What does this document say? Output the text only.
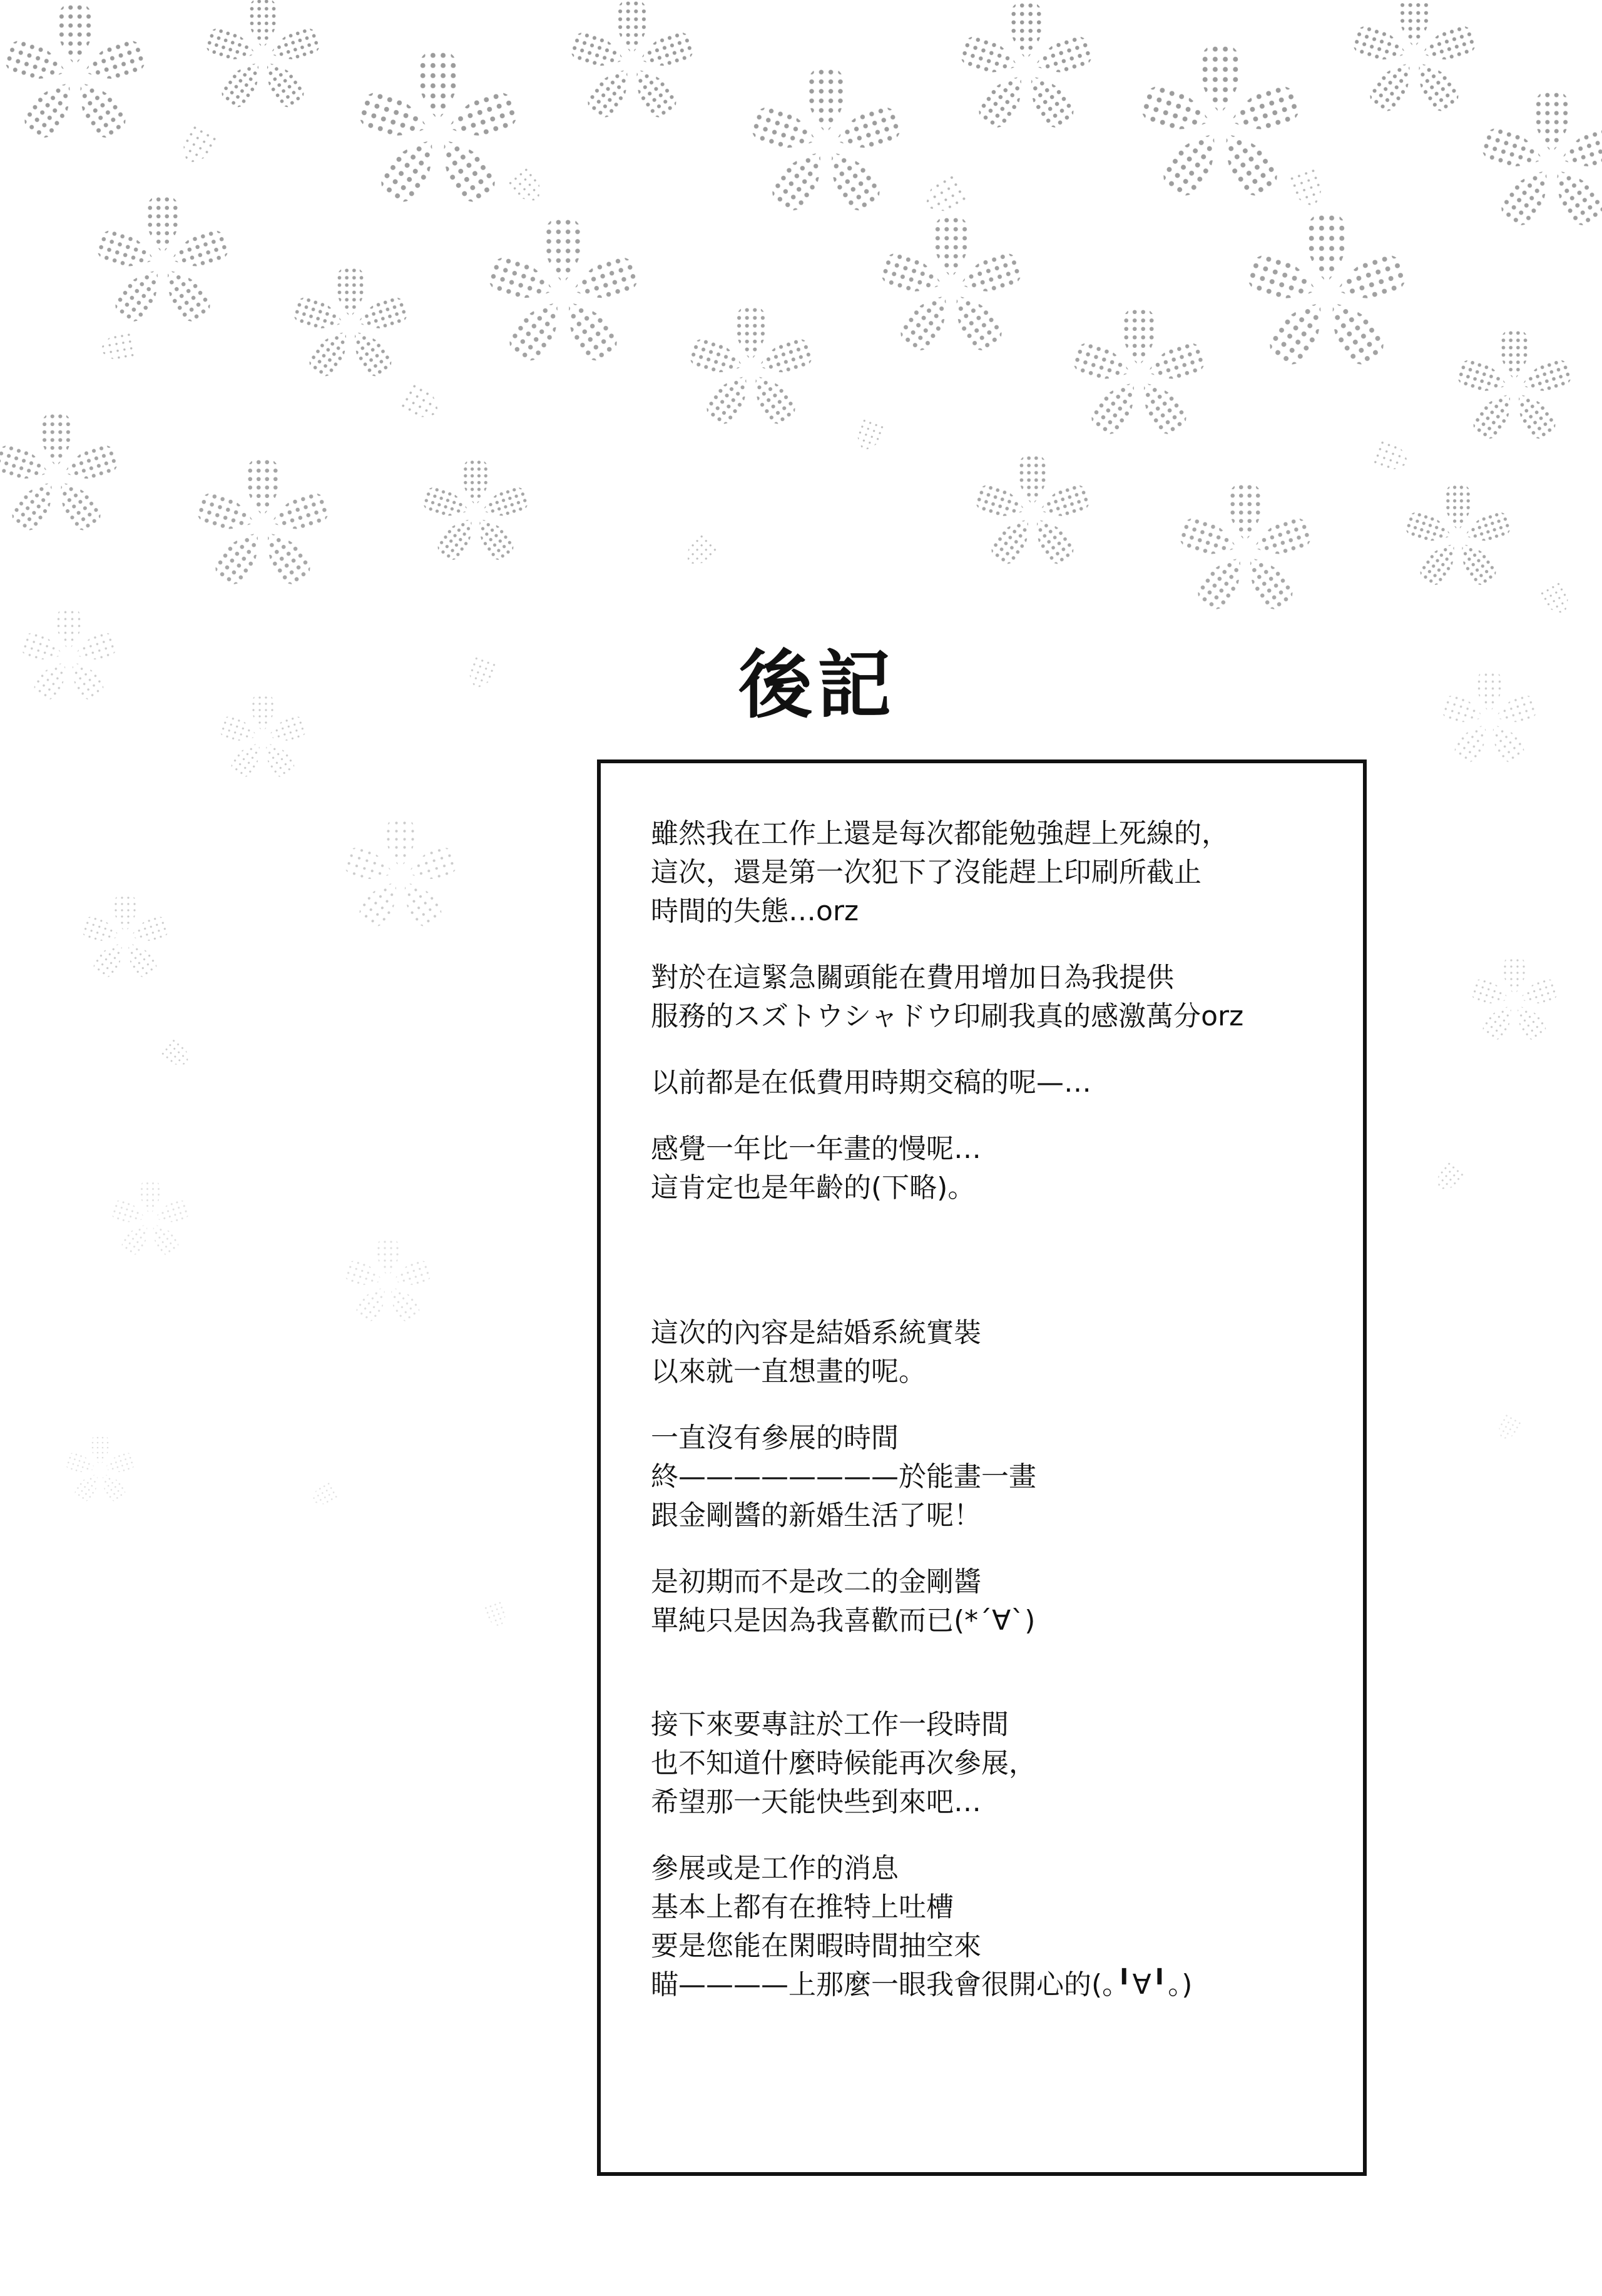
後記
雖然我在工作上還是每次都能勉強趕上死線的，
這次，還是第一次犯下了沒能趕上印刷所截止
時間的失態…orz
對於在這緊急關頭能在費用增加日為我提供
服務的スズトウシャドウ印刷我真的感激萬分orz
以前都是在低費用時期交稿的呢—…
感覺一年比一年畫的慢呢…
這肯定也是年齡的(下略)。
這次的內容是結婚系統實裝
以來就一直想畫的呢。
一直沒有參展的時間
終————————於能畫一畫
跟金剛醬的新婚生活了呢！
是初期而不是改二的金剛醬
單純只是因為我喜歡而已(*´∀`)
接下來要專註於工作一段時間
也不知道什麼時候能再次參展，
希望那一天能快些到來吧…
參展或是工作的消息
基本上都有在推特上吐槽
要是您能在閑暇時間抽空來
瞄————上那麼一眼我會很開心的(｡╹∀╹｡)
